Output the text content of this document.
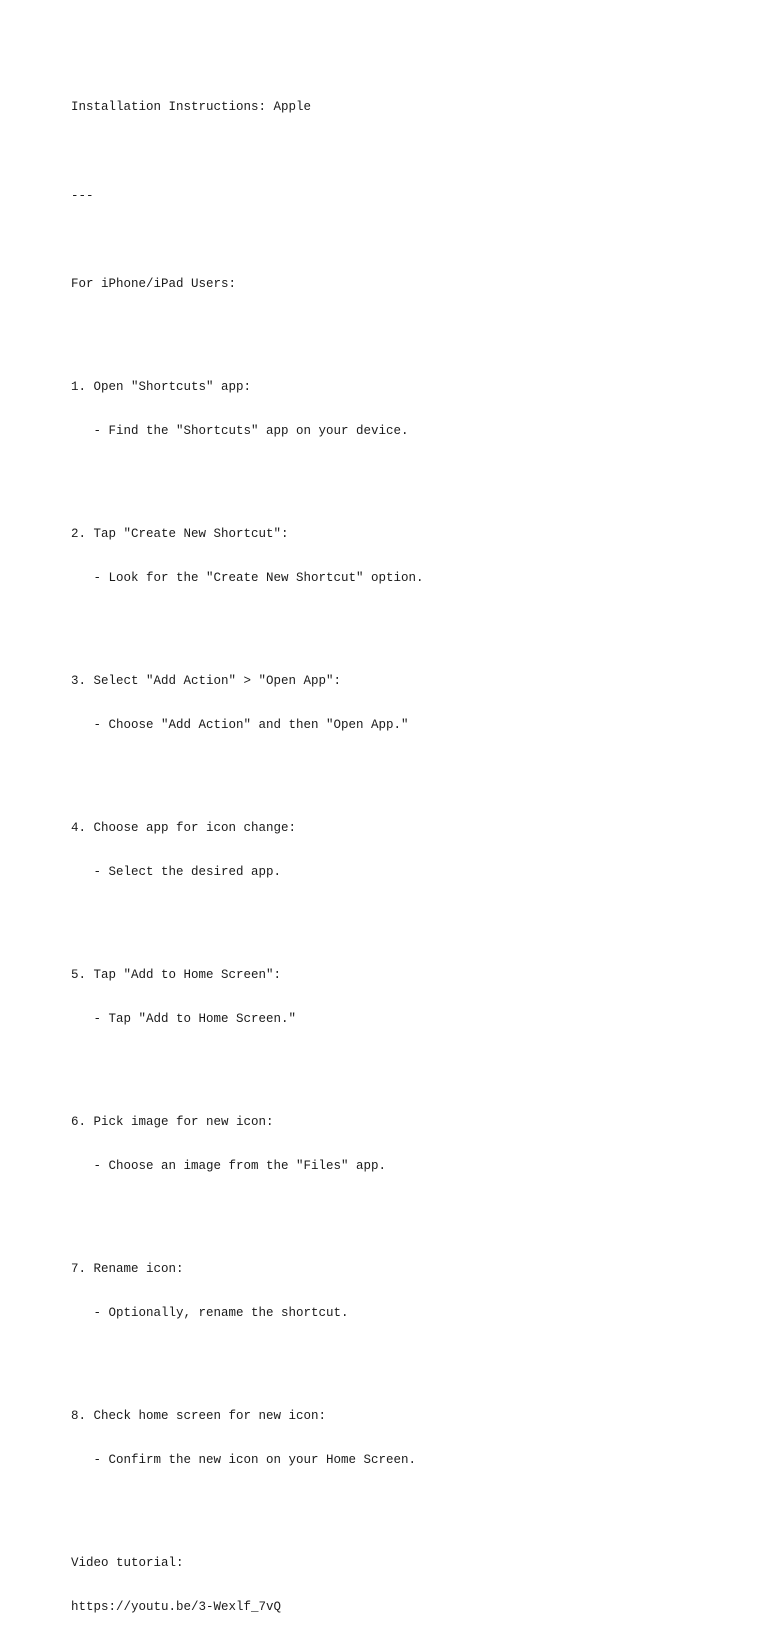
Installation Instructions: Apple

---

For iPhone/iPad Users:

1. Open "Shortcuts" app:

- Find the "Shortcuts" app on your device.

2. Tap "Create New Shortcut":

- Look for the "Create New Shortcut" option.

3. Select "Add Action" > "Open App":

- Choose "Add Action" and then "Open App."

4. Choose app for icon change:

- Select the desired app.

5. Tap "Add to Home Screen":

- Tap "Add to Home Screen."

6. Pick image for new icon:

- Choose an image from the "Files" app.

7. Rename icon:

- Optionally, rename the shortcut.

8. Check home screen for new icon:

- Confirm the new icon on your Home Screen.

Video tutorial:

https://youtu.be/3-Wexlf_7vQ
